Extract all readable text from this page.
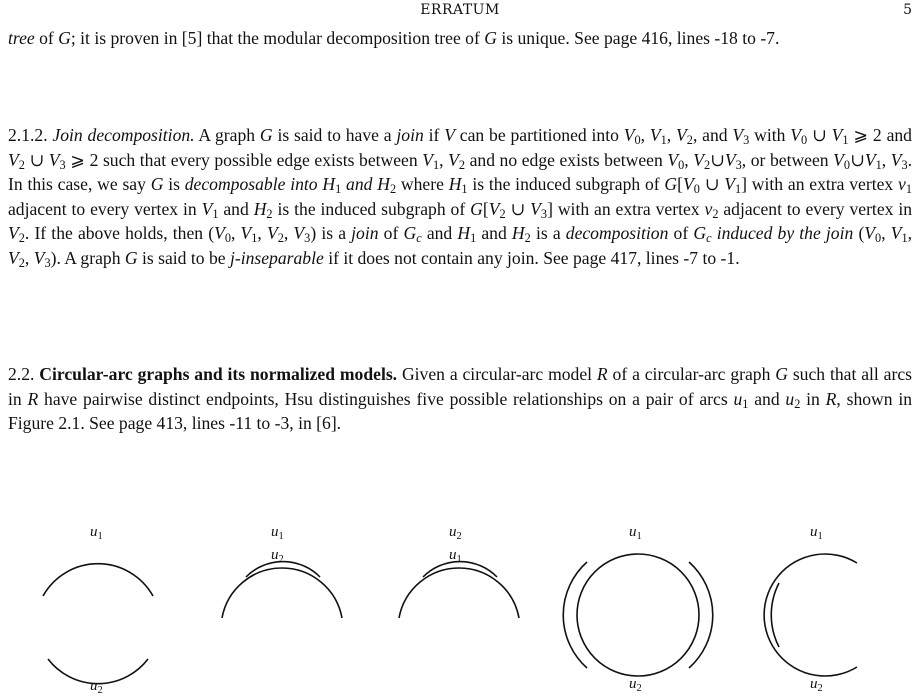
ERRATUM	5
tree of G; it is proven in [5] that the modular decomposition tree of G is unique. See page 416, lines -18 to -7.
2.1.2. Join decomposition. A graph G is said to have a join if V can be partitioned into $V_0$, $V_1$, $V_2$, and $V_3$ with $V_0$ ∪ $V_1$ ⩾ 2 and $V_2$ ∪ $V_3$ ⩾ 2 such that every possible edge exists between $V_1$, $V_2$ and no edge exists between $V_0$, $V_2\cup V_3$, or between $V_0\cup V_1$, $V_3$. In this case, we say G is decomposable into $H_1$ and $H_2$ where $H_1$ is the induced subgraph of $G[V_0$ ∪ $V_1$] with an extra vertex $v_1$ adjacent to every vertex in $V_1$ and $H_2$ is the induced subgraph of $G[V_2$ ∪ $V_3$] with an extra vertex $v_2$ adjacent to every vertex in $V_2$. If the above holds, then ($V_0$, $V_1$, $V_2$, $V_3$) is a join of $G_c$ and $H_1$ and $H_2$ is a decomposition of $G_c$ induced by the join ($V_0$, $V_1$, $V_2$, $V_3$). A graph G is said to be j-inseparable if it does not contain any join. See page 417, lines -7 to -1.
2.2. Circular-arc graphs and its normalized models. Given a circular-arc model R of a circular-arc graph G such that all arcs in R have pairwise distinct endpoints, Hsu distinguishes five possible relationships on a pair of arcs $u_1$ and $u_2$ in R, shown in Figure 2.1. See page 413, lines -11 to -3, in [6].
$u_1$
$u_2$
$u_1$
$u_2$
$u_2$
$u_1$
$u_1$
$u_2$
$u_1$
$u_2$
